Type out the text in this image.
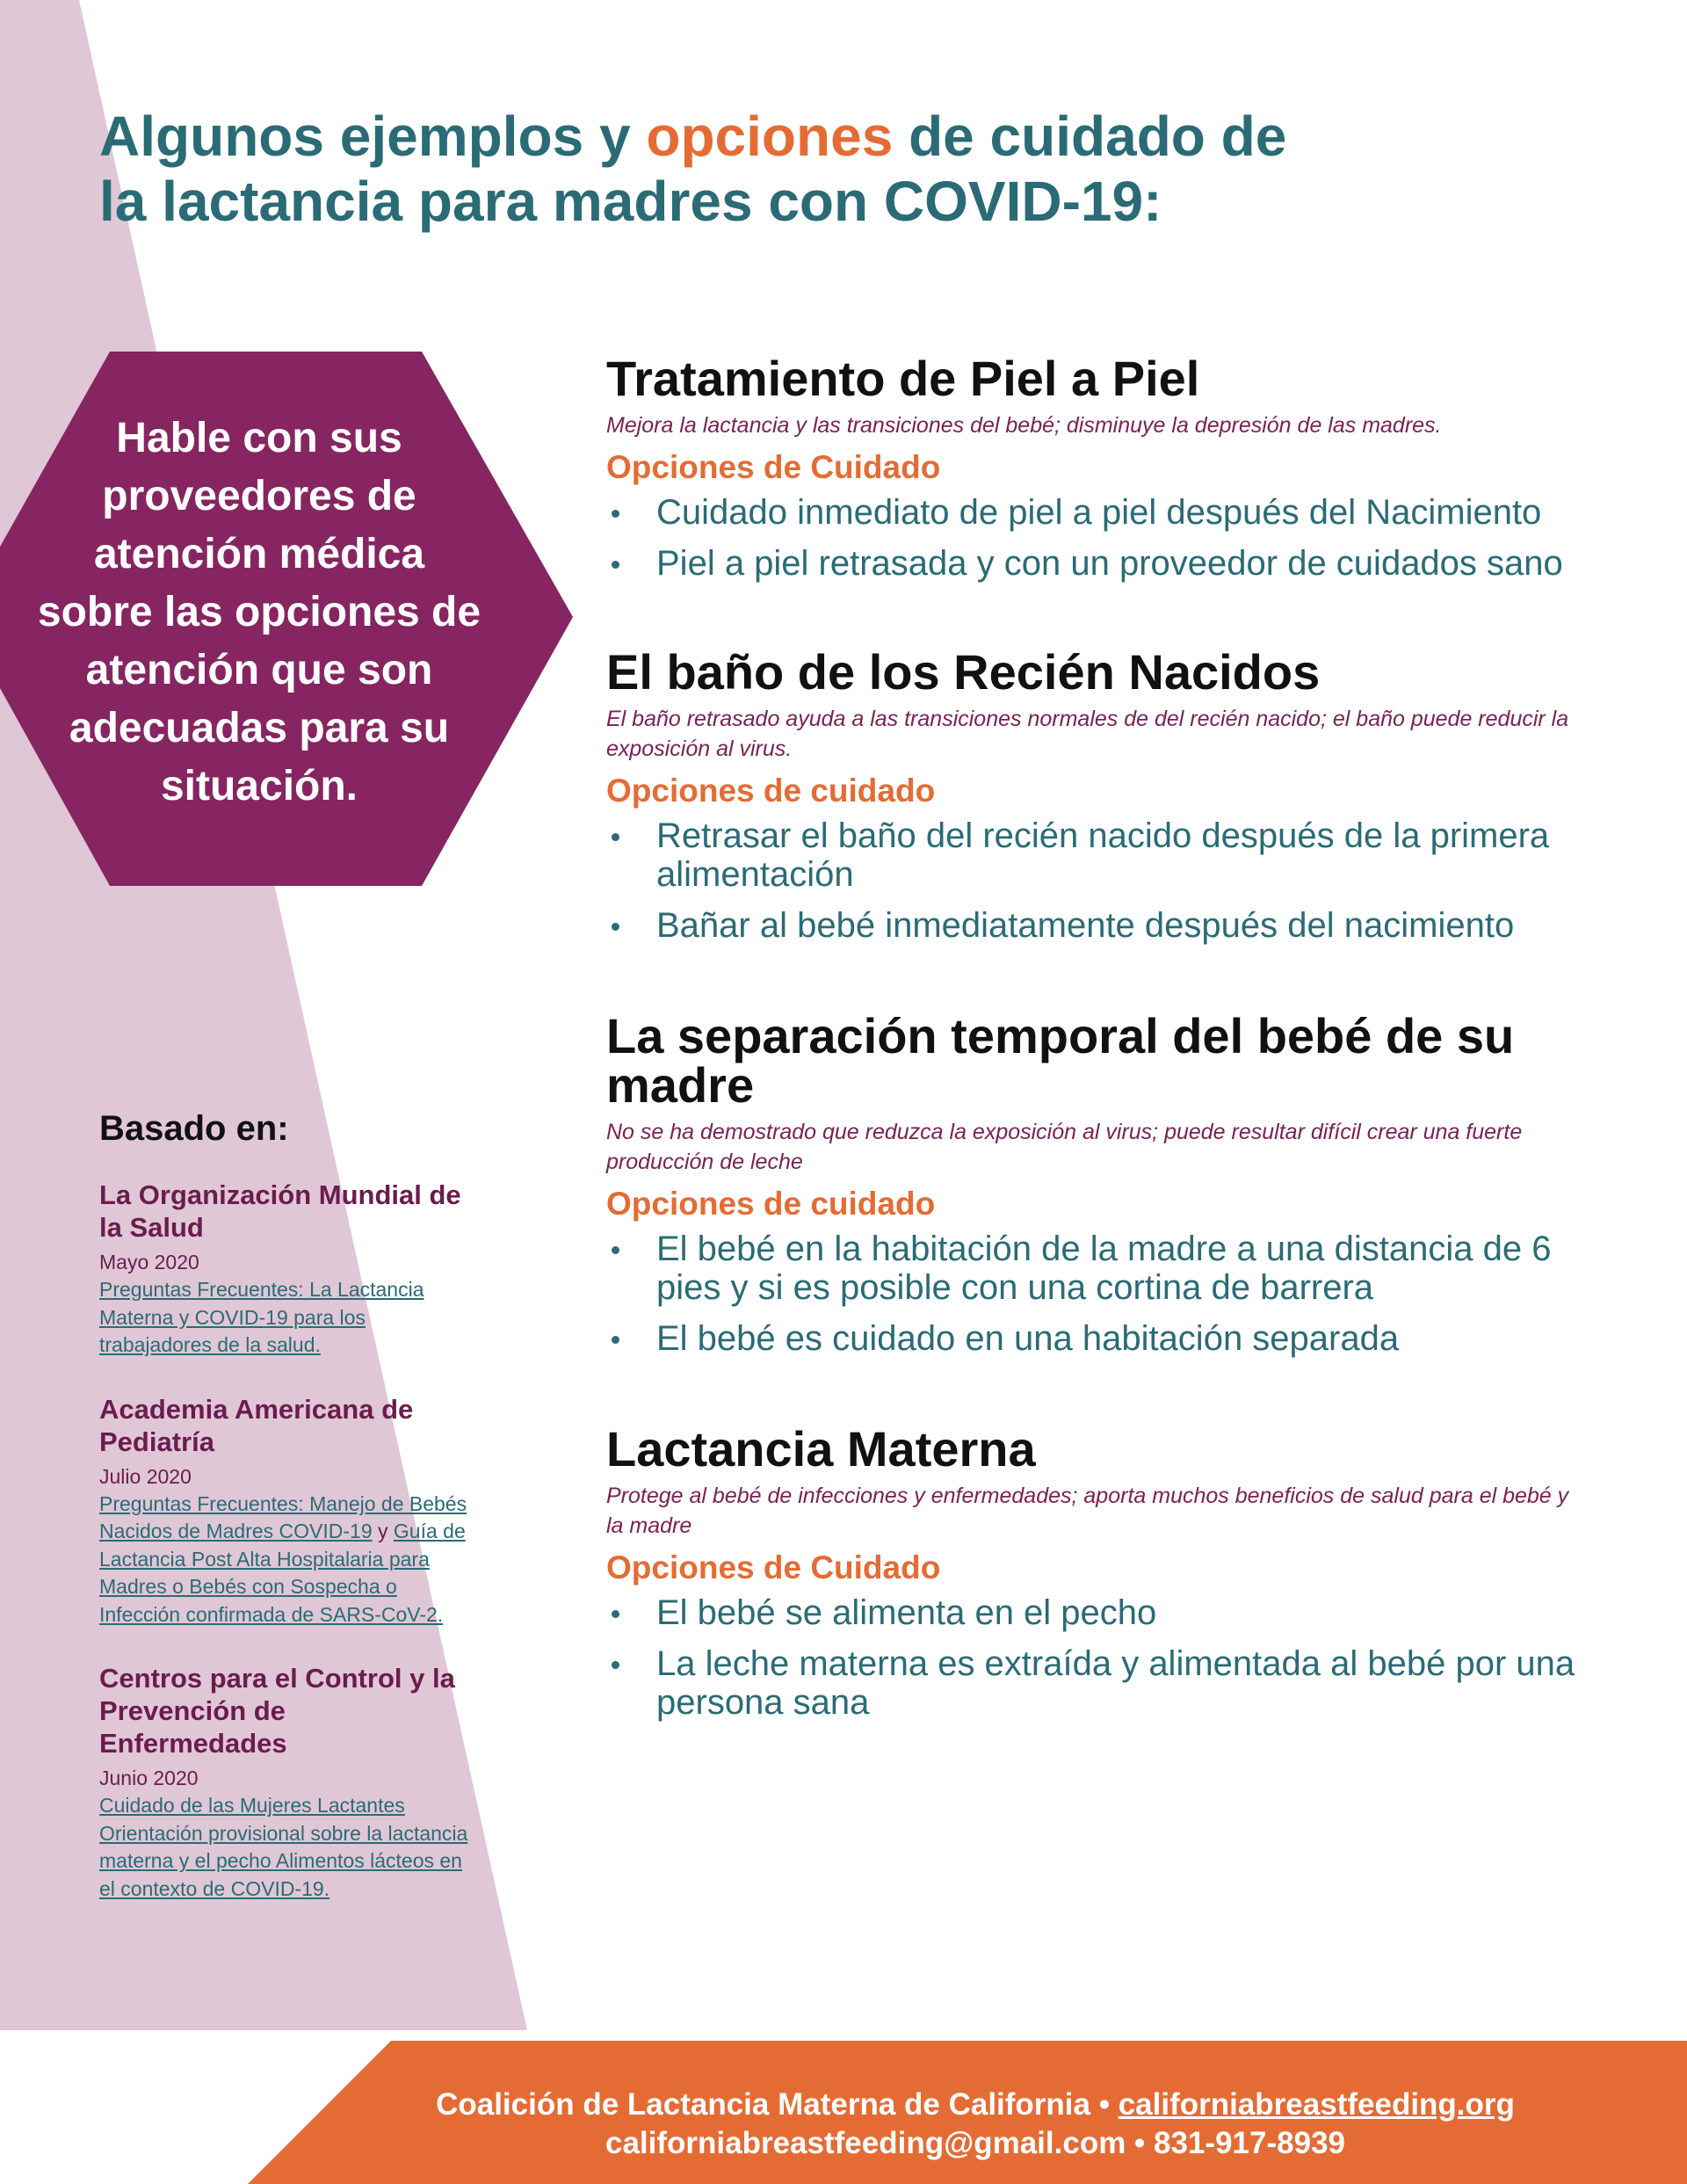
Algunos ejemplos y opciones de cuidado de
la lactancia para madres con COVID-19:

Hable con sus proveedores de atención médica sobre las opciones de atención que son adecuadas para su situación.

Basado en:

La Organización Mundial de la Salud

Mayo 2020

Preguntas Frecuentes: La Lactancia Materna y COVID-19 para los trabajadores de la salud.

Academia Americana de Pediatría

Julio 2020

Preguntas Frecuentes: Manejo de Bebés Nacidos de Madres COVID-19 y Guía de Lactancia Post Alta Hospitalaria para Madres o Bebés con Sospecha o Infección confirmada de SARS-CoV-2.

Centros para el Control y la Prevención de Enfermedades

Junio 2020

Cuidado de las Mujeres Lactantes Orientación provisional sobre la lactancia materna y el pecho Alimentos lácteos en el contexto de COVID-19.

Tratamiento de Piel a Piel

Mejora la lactancia y las transiciones del bebé; disminuye la depresión de las madres.

Opciones de Cuidado

Cuidado inmediato de piel a piel después del Nacimiento
Piel a piel retrasada y con un proveedor de cuidados sano
El baño de los Recién Nacidos

El baño retrasado ayuda a las transiciones normales de del recién nacido; el baño puede reducir la exposición al virus.

Opciones de cuidado

Retrasar el baño del recién nacido después de la primera alimentación
Bañar al bebé inmediatamente después del nacimiento
La separación temporal del bebé de su madre

No se ha demostrado que reduzca la exposición al virus; puede resultar difícil crear una fuerte producción de leche

Opciones de cuidado

El bebé en la habitación de la madre a una distancia de 6 pies y si es posible con una cortina de barrera
El bebé es cuidado en una habitación separada
Lactancia Materna

Protege al bebé de infecciones y enfermedades; aporta muchos beneficios de salud para el bebé y la madre

Opciones de Cuidado

El bebé se alimenta en el pecho
La leche materna es extraída y alimentada al bebé por una persona sana
Coalición de Lactancia Materna de California • californiabreastfeeding.org
californiabreastfeeding@gmail.com • 831-917-8939
